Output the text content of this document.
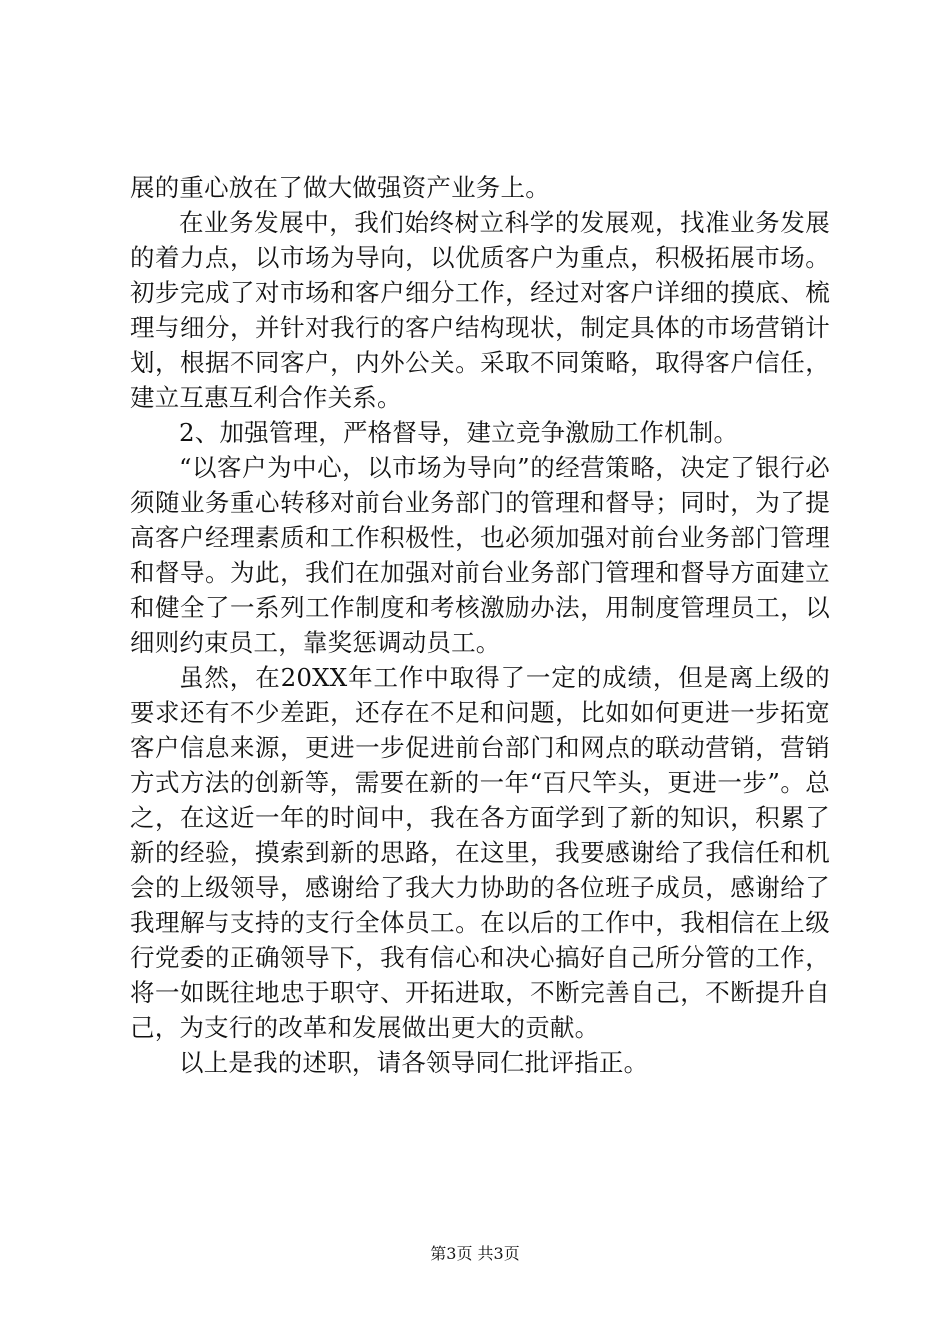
展的重心放在了做大做强资产业务上。

在业务发展中，我们始终树立科学的发展观，找准业务发展的着力点，以市场为导向，以优质客户为重点，积极拓展市场。初步完成了对市场和客户细分工作，经过对客户详细的摸底、梳理与细分，并针对我行的客户结构现状，制定具体的市场营销计划，根据不同客户，内外公关。采取不同策略，取得客户信任，建立互惠互利合作关系。

2、加强管理，严格督导，建立竞争激励工作机制。

“以客户为中心，以市场为导向”的经营策略，决定了银行必须随业务重心转移对前台业务部门的管理和督导；同时，为了提高客户经理素质和工作积极性，也必须加强对前台业务部门管理和督导。为此，我们在加强对前台业务部门管理和督导方面建立和健全了一系列工作制度和考核激励办法，用制度管理员工，以细则约束员工，靠奖惩调动员工。

虽然，在20XX年工作中取得了一定的成绩，但是离上级的要求还有不少差距，还存在不足和问题，比如如何更进一步拓宽客户信息来源，更进一步促进前台部门和网点的联动营销，营销方式方法的创新等，需要在新的一年“百尺竿头，更进一步”。总之，在这近一年的时间中，我在各方面学到了新的知识，积累了新的经验，摸索到新的思路，在这里，我要感谢给了我信任和机会的上级领导，感谢给了我大力协助的各位班子成员，感谢给了我理解与支持的支行全体员工。在以后的工作中，我相信在上级行党委的正确领导下，我有信心和决心搞好自己所分管的工作，将一如既往地忠于职守、开拓进取，不断完善自己，不断提升自己，为支行的改革和发展做出更大的贡献。

以上是我的述职，请各领导同仁批评指正。

第3页 共3页
